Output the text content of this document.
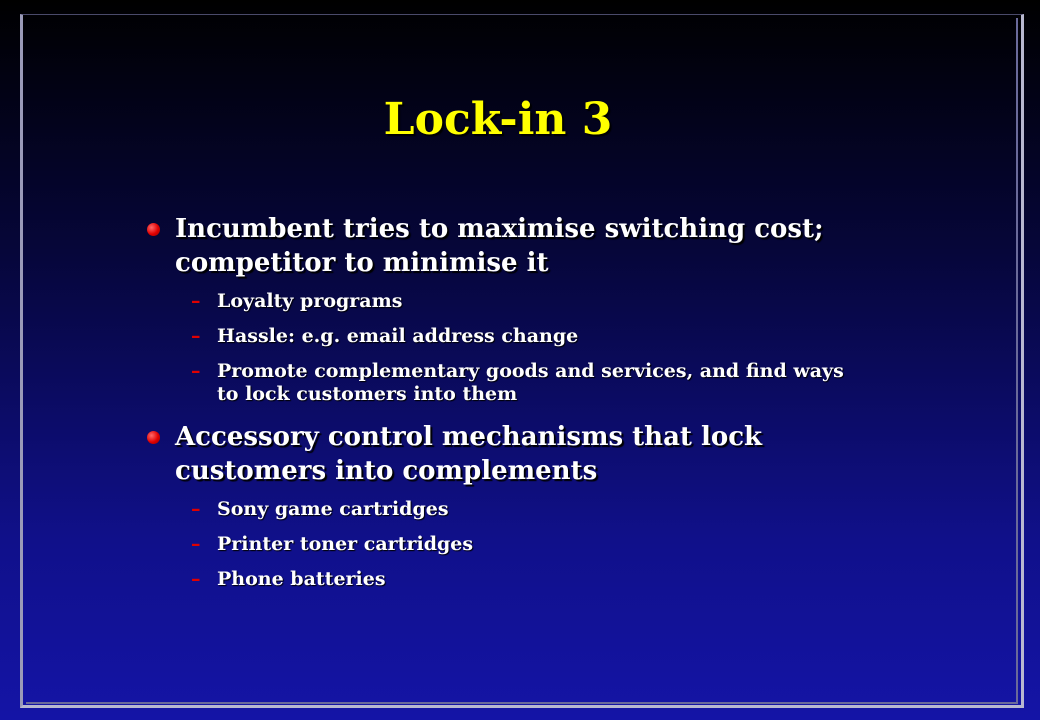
Lock-in 3
Incumbent tries to maximise switching cost; competitor to minimise it
– Loyalty programs
– Hassle: e.g. email address change
– Promote complementary goods and services, and find ways to lock customers into them
Accessory control mechanisms that lock customers into complements
– Sony game cartridges
– Printer toner cartridges
– Phone batteries
